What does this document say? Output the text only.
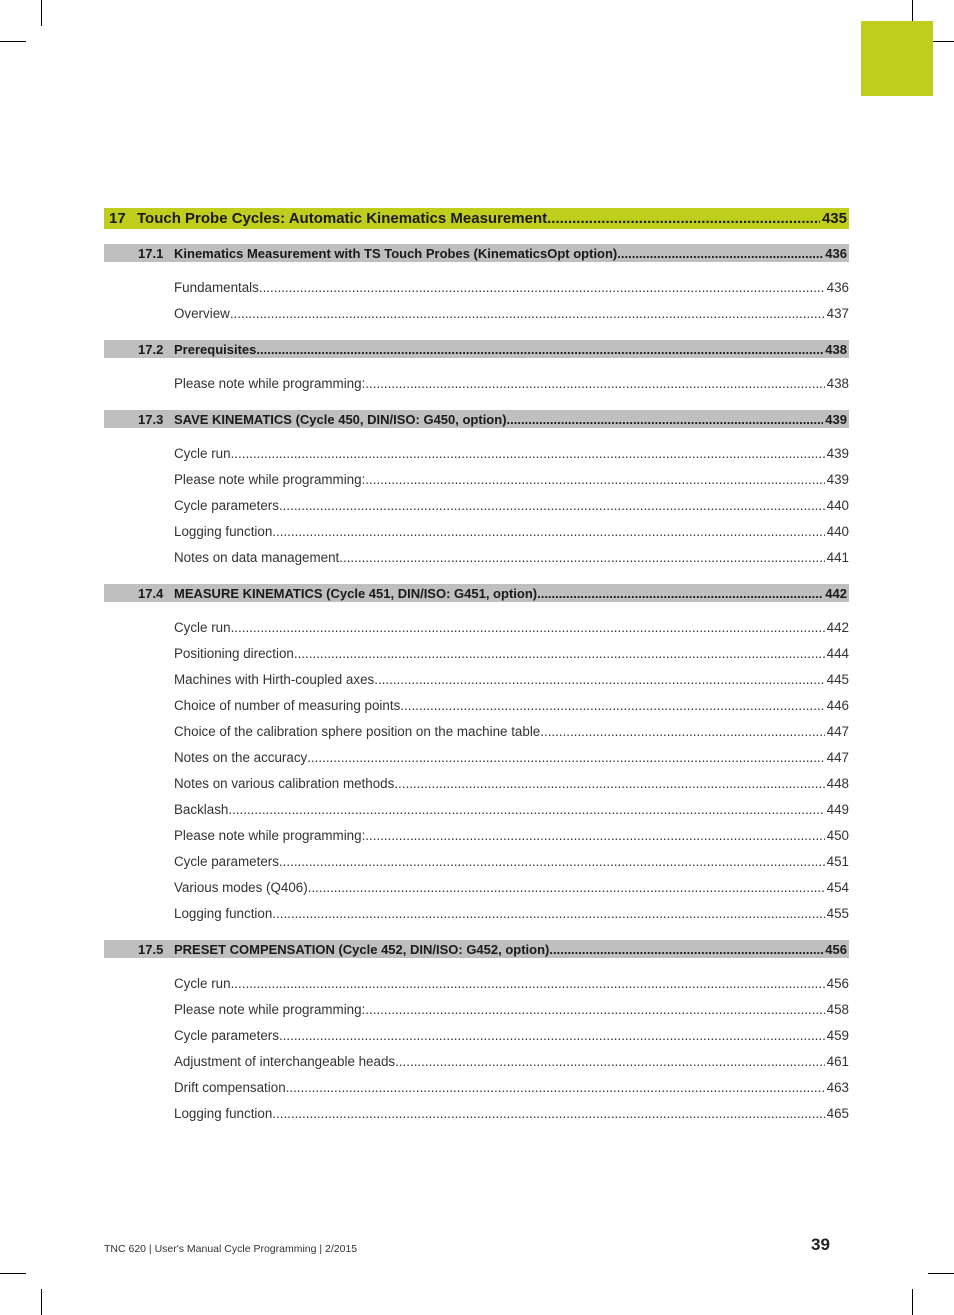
17 Touch Probe Cycles: Automatic Kinematics Measurement .....	435
17.1 Kinematics Measurement with TS Touch Probes (KinematicsOpt option) .....	436
Fundamentals .....	436
Overview .....	437
17.2 Prerequisites .....	438
Please note while programming: .....	438
17.3 SAVE KINEMATICS (Cycle 450, DIN/ISO: G450, option) .....	439
Cycle run .....	439
Please note while programming: .....	439
Cycle parameters .....	440
Logging function .....	440
Notes on data management .....	441
17.4 MEASURE KINEMATICS (Cycle 451, DIN/ISO: G451, option) .....	442
Cycle run .....	442
Positioning direction .....	444
Machines with Hirth-coupled axes .....	445
Choice of number of measuring points .....	446
Choice of the calibration sphere position on the machine table .....	447
Notes on the accuracy .....	447
Notes on various calibration methods .....	448
Backlash .....	449
Please note while programming: .....	450
Cycle parameters .....	451
Various modes (Q406) .....	454
Logging function .....	455
17.5 PRESET COMPENSATION (Cycle 452, DIN/ISO: G452, option) .....	456
Cycle run .....	456
Please note while programming: .....	458
Cycle parameters .....	459
Adjustment of interchangeable heads .....	461
Drift compensation .....	463
Logging function .....	465
TNC 620 | User's Manual Cycle Programming | 2/2015	39
